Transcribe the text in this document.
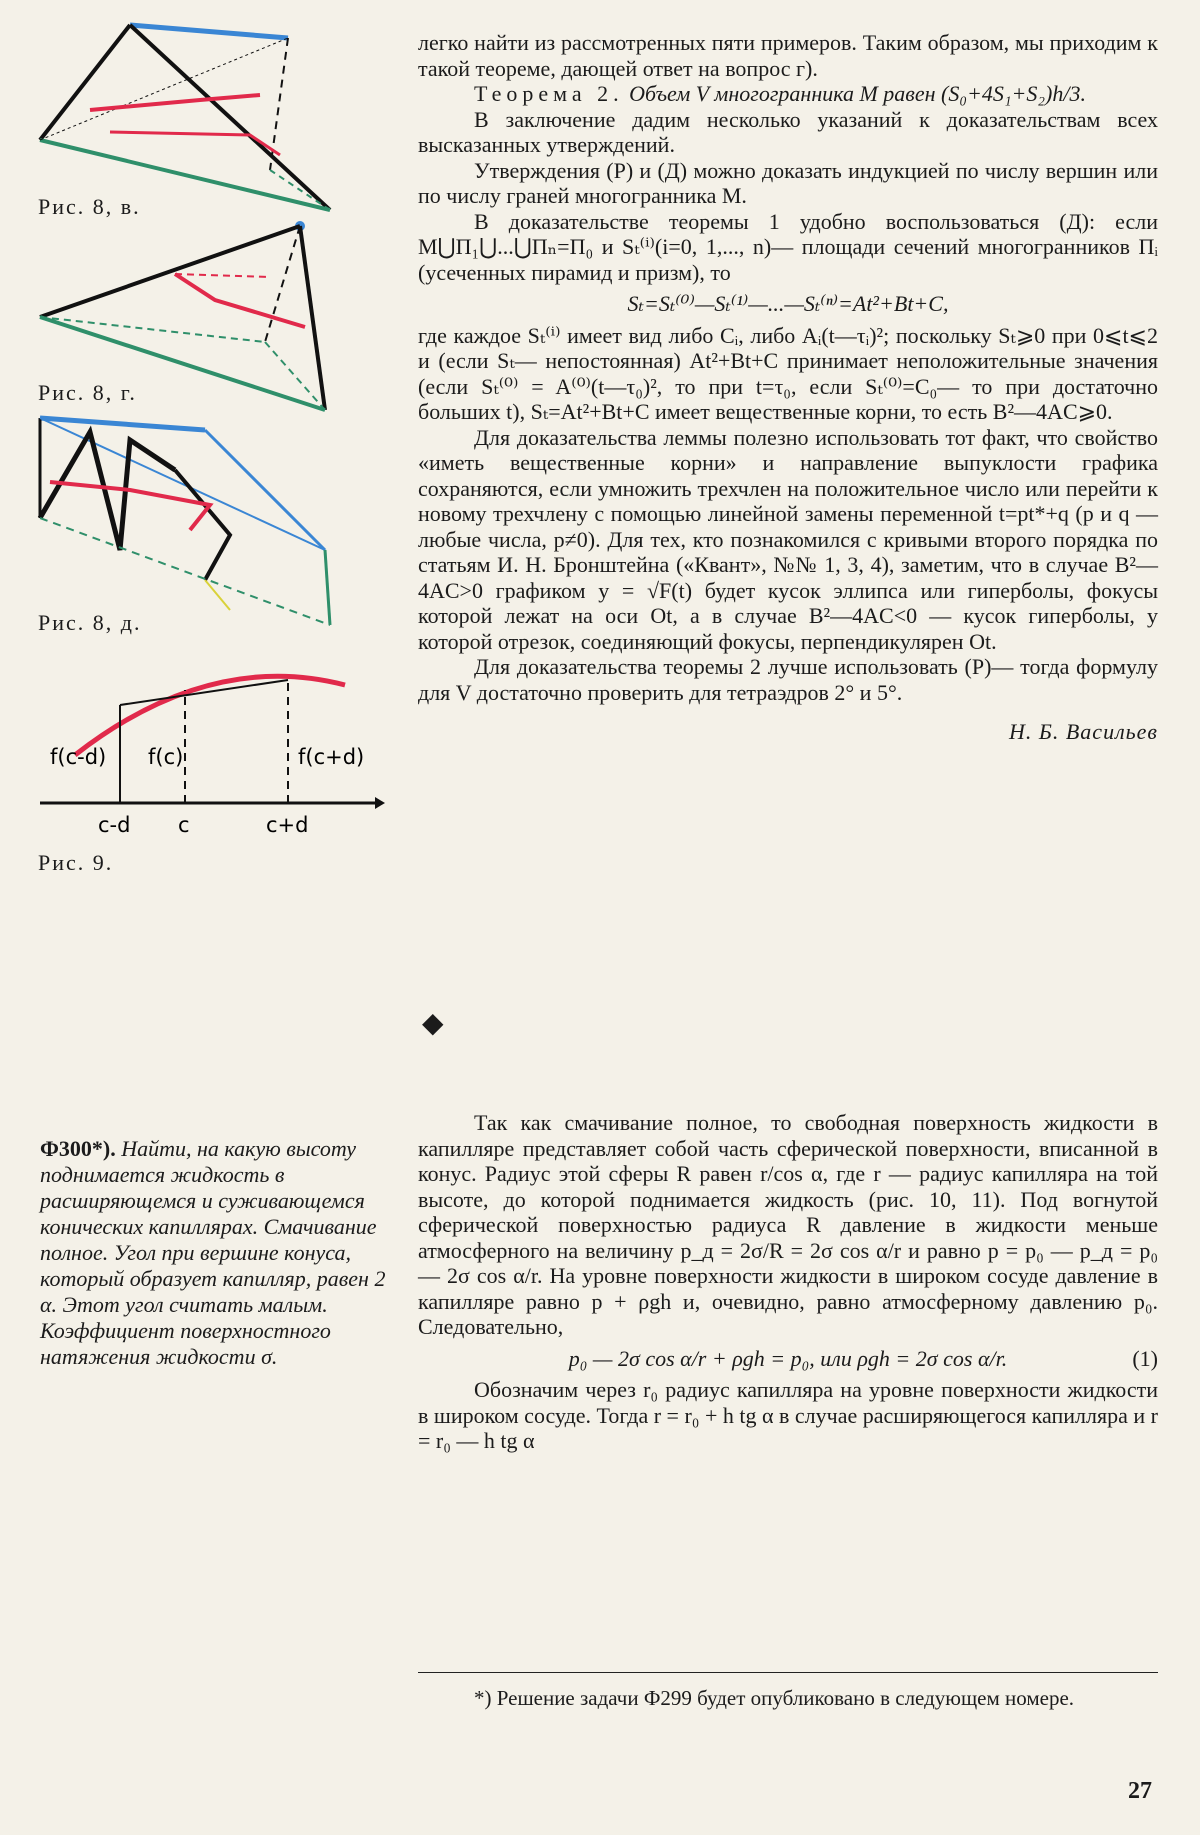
Рис. 8, в.
Рис. 8, г.
Рис. 8, д.
f(c-d) f(c)	f(c+d)
c-d c	c+d
Рис. 9.

легко найти из рассмотренных пяти примеров. Таким образом, мы приходим к такой теореме, дающей ответ на вопрос г).

Теорема 2. Объем V многогранника M равен (S₀+4S₁+S₂)h/3.

В заключение дадим несколько указаний к доказательствам всех высказанных утверждений.

Утверждения (Р) и (Д) можно доказать индукцией по числу вершин или по числу граней многогранника M.

В доказательстве теоремы 1 удобно воспользоваться (Д): если M⋃Π₁⋃...⋃Πₙ=Π₀ и Sₜ⁽ⁱ⁾(i=0, 1,..., n)— площади сечений многогранников Πᵢ (усеченных пирамид и призм), то

Sₜ=Sₜ⁽⁰⁾—Sₜ⁽¹⁾—...—Sₜ⁽ⁿ⁾=At²+Bt+C,

где каждое Sₜ⁽ⁱ⁾ имеет вид либо Cᵢ, либо Aᵢ(t—τᵢ)²; поскольку Sₜ⩾0 при 0⩽t⩽2 и (если Sₜ— непостоянная) At²+Bt+C принимает неположительные значения (если Sₜ⁽⁰⁾ = A⁽⁰⁾(t—τ₀)², то при t=τ₀, если Sₜ⁽⁰⁾=C₀— то при достаточно больших t), Sₜ=At²+Bt+C имеет вещественные корни, то есть B²—4AC⩾0.

Для доказательства леммы полезно использовать тот факт, что свойство «иметь вещественные корни» и направление выпуклости графика сохраняются, если умножить трехчлен на положительное число или перейти к новому трехчлену с помощью линейной замены переменной t=pt*+q (p и q — любые числа, p≠0). Для тех, кто познакомился с кривыми второго порядка по статьям И. Н. Бронштейна («Квант», №№ 1, 3, 4), заметим, что в случае B²—4AC>0 графиком y = √F(t) будет кусок эллипса или гиперболы, фокусы которой лежат на оси Ot, а в случае B²—4AC<0 — кусок гиперболы, у которой отрезок, соединяющий фокусы, перпендикулярен Ot.

Для доказательства теоремы 2 лучше использовать (Р)— тогда формулу для V достаточно проверить для тетраэдров 2° и 5°.

Н. Б. Васильев
◆
Ф300*). Найти, на какую высоту поднимается жидкость в расширяющемся и суживающемся конических капиллярах. Смачивание полное. Угол при вершине конуса, который образует капилляр, равен 2 α. Этот угол считать малым. Коэффициент поверхностного натяжения жидкости σ.

Так как смачивание полное, то свободная поверхность жидкости в капилляре представляет собой часть сферической поверхности, вписанной в конус. Радиус этой сферы R равен r/cos α, где r — радиус капилляра на той высоте, до которой поднимается жидкость (рис. 10, 11). Под вогнутой сферической поверхностью радиуса R давление в жидкости меньше атмосферного на величину p_д = 2σ/R = 2σ cos α/r и равно p = p₀ — p_д = p₀ — 2σ cos α/r. На уровне поверхности жидкости в широком сосуде давление в капилляре равно p + ρgh и, очевидно, равно атмосферному давлению p₀. Следовательно,

p₀ — 2σ cos α/r + ρgh = p₀, или ρgh = 2σ cos α/r.	(1)

Обозначим через r₀ радиус капилляра на уровне поверхности жидкости в широком сосуде. Тогда r = r₀ + h tg α в случае расширяющегося капилляра и r = r₀ — h tg α

*) Решение задачи Ф299 будет опубликовано в следующем номере.
27
